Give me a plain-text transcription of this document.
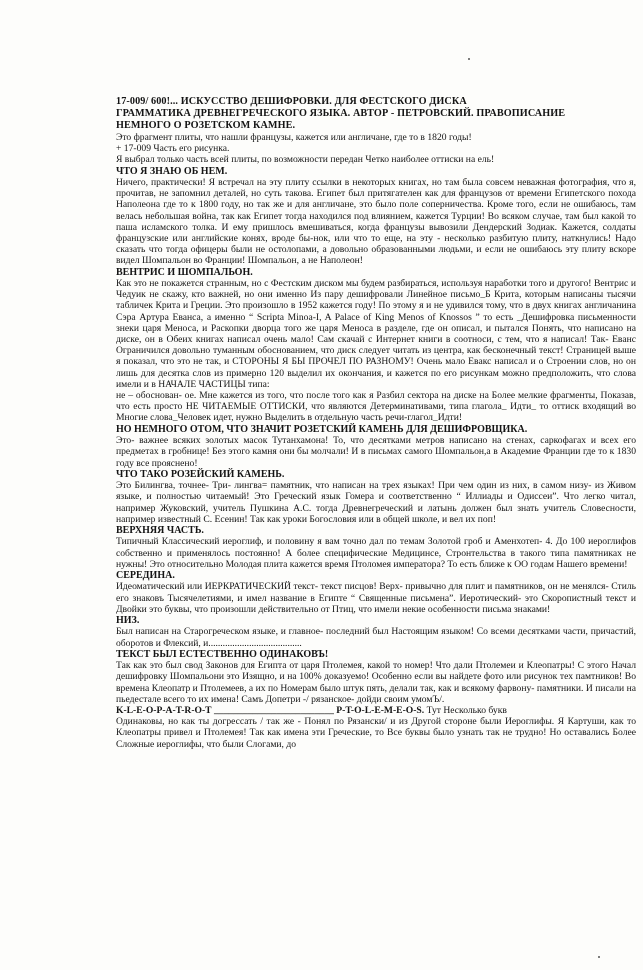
17-009/ 600!... ИСКУССТВО ДЕШИФРОВКИ. ДЛЯ ФЕСТСКОГО ДИСКА

ГРАММАТИКА ДРЕВНЕГРЕЧЕСКОГО ЯЗЫКА. АВТОР - ПЕТРОВСКИЙ. ПРАВОПИСАНИЕ

НЕМНОГО О РОЗЕТСКОМ КАМНЕ.

Это фрагмент плиты, что нашли французы, кажется или англичане, где то в 1820 годы!

+ 17-009 Часть его рисунка.

Я выбрал только часть всей плиты, по возможности передан Четко наиболее оттиски на ель!

ЧТО Я ЗНАЮ ОБ НЕМ.

Ничего, практически! Я встречал на эту плиту ссылки в некоторых книгах, но там была совсем неважная фотография, что я, прочитав, не запомнил деталей, но суть такова. Египет был притягателен как для французов от времени Египетского похода Наполеона где то к 1800 году, но так же и для англичане, это было поле соперничества. Кроме того, если не ошибаюсь, там велась небольшая война, так как Египет тогда находился под влиянием, кажется Турции! Во всяком случае, там был какой то паша исламского толка. И ему пришлось вмешиваться, когда французы вывозили Дендерский Зодиак. Кажется, солдаты французские или английские конях, вроде бы-нок, или что то еще, на эту - несколько разбитую плиту, наткнулись! Надо сказать что тогда офицеры были не остолопами, а довольно образованными людьми, и если не ошибаюсь эту плиту вскоре видел Шомпальон во Франции! Шомпальон, а не Наполеон!

ВЕНТРИС И ШОМПАЛЬОН.

Как это не покажется странным, но с Фестским диском мы будем разбираться, используя наработки того и другого! Вентрис и Чедуик не скажу, кто важней, но они именно Из пару дешифровали Линейное письмо_Б Крита, которым написаны тысячи табличек Крита и Греции. Это произошло в 1952 кажется году! По этому я и не удивился тому, что в двух книгах англичанина Сэра Артура Еванса, а именно “ Scripta Minoa-I, A Palace of King Menos of Knossos ” то есть _Дешифровка письменности знеки царя Меноса, и Раскопки дворца того же царя Меноса в разделе, где он описал, и пытался Понять, что написано на диске, он в Обеих книгах написал очень мало! Сам скачай с Интернет книги в соотноси, с тем, что я написал! Так- Еванс Ограничился довольно туманным обоснованием, что диск следует читать из центра, как бесконечный текст! Страницей выше я показал, что это не так, и СТОРОНЫ Я БЫ ПРОЧЕЛ ПО РАЗНОМУ! Очень мало Евакс написал и о Строении слов, но он лишь для десятка слов из примерно 120 выделил их окончания, и кажется по его рисункам можно предположить, что слова имели и в НАЧАЛЕ ЧАСТИЦЫ типа:

не – обоснован- ое. Мне кажется из того, что после того как я Разбил сектора на диске на Более мелкие фрагменты, Показав, что есть просто НЕ ЧИТАЕМЫЕ ОТТИСКИ, что являются Детерминативами, типа глагола_ Идти_ то оттиск входящий во Многие слова_Человек идет, нужно Выделить в отдельную часть речи-глагол_Идти!

НО НЕМНОГО ОТОМ, ЧТО ЗНАЧИТ РОЗЕТСКИЙ КАМЕНЬ ДЛЯ ДЕШИФРОВЩИКА.

Это- важнее всяких золотых масок Тутанхамона! То, что десятками метров написано на стенах, саркофагах и всех его предметах в гробнице! Без этого камня они бы молчали! И в письмах самого Шомпальон,а в Академие Франции где то к 1830 году все прояснено!

ЧТО ТАКО РОЗЕЙСКИЙ КАМЕНЬ.

Это Билингва, точнее- Три- лингва= памятник, что написан на трех языках! При чем один из них, в самом низу- из Живом языке, и полностью читаемый! Это Греческий язык Гомера и соответственно “ Иллиады и Одиссеи”. Что легко читал, например Жуковский, учитель Пушкина А.С. тогда Древнегреческий и латынь должен был знать учитель Словесности, например известный С. Есенин! Так как уроки Богословия или в общей школе, и вел их поп!

ВЕРХНЯЯ ЧАСТЬ.

Типичный Классический иероглиф, и половину я вам точно дал по темам Золотой гроб и Аменхотеп- 4. До 100 иероглифов собственно и применялось постоянно! А более специфические Медицинсе, Стронтельства в такого типа памятниках не нужны! Это относительно Молодая плита кажется время Птоломея императора? То есть ближе к ОО годам Нашего времени!

СЕРЕДИНА.

Идеоматический или ИЕРКРАТИЧЕСКИЙ текст- текст писцов! Верх- привычно для плит и памятников, он не менялся- Стиль его знаковъ Тысячелетиями, и имел название в Египте “ Священные письмена”. Иеротический- это Скоропистный текст и Двойки это буквы, что произошли действительно от Птиц, что имели некие особенности письма знаками!

НИЗ.

Был написан на Старогреческом языке, и главное- последний был Настоящим языком! Со всеми десятками части, причастий, оборотов и Флексий, и.......................................

ТЕКСТ БЫЛ ЕСТЕСТВЕННО ОДИНАКОВЪ!

Так как это был свод Законов для Египта от царя Птолемея, какой то номер! Что дали Птолемеи и Клеопатры! С этого Начал дешифровку Шомпальони это Изящно, и на 100% доказуемо! Особенно если вы найдете фото или рисунок тех памтников! Во времена Клеопатр и Птолемеев, а их по Номерам было штук пять, делали так, как и всякому фарвону- памятники. И писали на пьедестале всего то их имена! Самъ Допетри -/ рязанское- дойди своим умомЪ/.

K-L-E-O-P-A-T-R-O-T _________________________ P-T-O-L-E-M-E-O-S. Тут Несколько букв

Одинаковы, но как ты догрессать / так же - Понял по Рязански/ и из Другой стороне были Иероглифы. Я Картуши, как то Клеопатры привел и Птолемея! Так как имена эти Греческие, то Все буквы было узнать так не трудно! Но оставались Более Сложные иероглифы, что были Слогами, до
